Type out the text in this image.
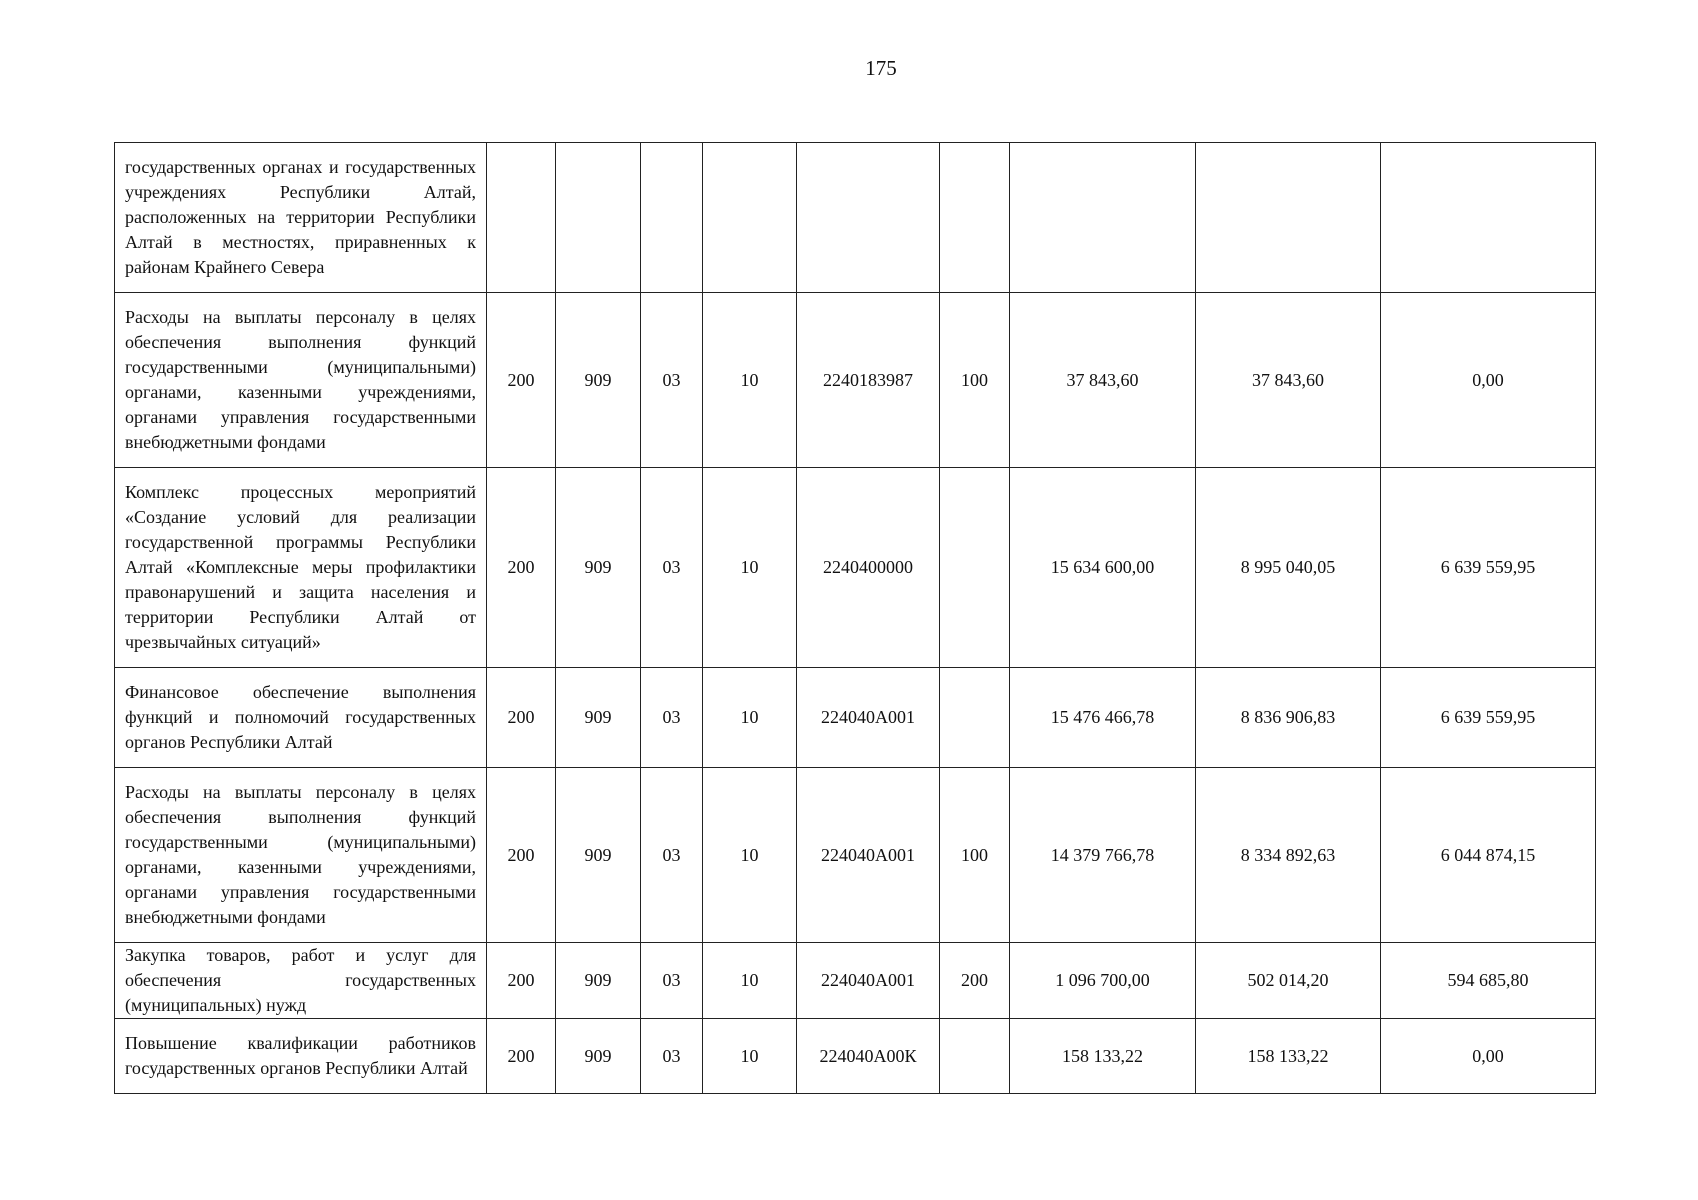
175
государственных органах и государственных учреждениях Республики Алтай, расположенных на территории Республики Алтай в местностях, приравненных к районам Крайнего Севера									
Расходы на выплаты персоналу в целях обеспечения выполнения функций государственными (муниципальными) органами, казенными учреждениями, органами управления государственными внебюджетными фондами	200	909	03	10	2240183987	100	37 843,60	37 843,60	0,00
Комплекс процессных мероприятий «Создание условий для реализации государственной программы Республики Алтай «Комплексные меры профилактики правонарушений и защита населения и территории Республики Алтай от чрезвычайных ситуаций»	200	909	03	10	2240400000		15 634 600,00	8 995 040,05	6 639 559,95
Финансовое обеспечение выполнения функций и полномочий государственных органов Республики Алтай	200	909	03	10	224040А001		15 476 466,78	8 836 906,83	6 639 559,95
Расходы на выплаты персоналу в целях обеспечения выполнения функций государственными (муниципальными) органами, казенными учреждениями, органами управления государственными внебюджетными фондами	200	909	03	10	224040А001	100	14 379 766,78	8 334 892,63	6 044 874,15
Закупка товаров, работ и услуг для обеспечения государственных (муниципальных) нужд	200	909	03	10	224040А001	200	1 096 700,00	502 014,20	594 685,80
Повышение квалификации работников государственных органов Республики Алтай	200	909	03	10	224040А00К		158 133,22	158 133,22	0,00
